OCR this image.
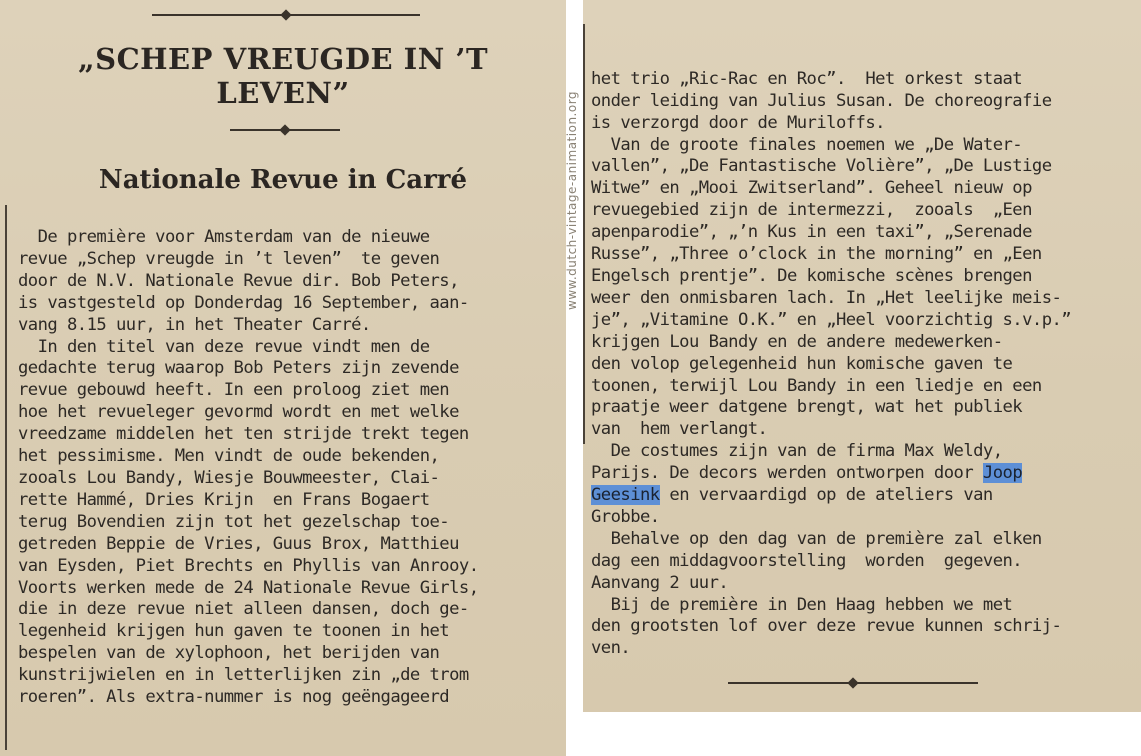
„SCHEP VREUGDE IN ’T LEVEN”
Nationale Revue in Carré
De première voor Amsterdam van de nieuwe
revue „Schep vreugde in ’t leven”  te geven
door de N.V. Nationale Revue dir. Bob Peters,
is vastgesteld op Donderdag 16 September, aan-
vang 8.15 uur, in het Theater Carré.
In den titel van deze revue vindt men de
gedachte terug waarop Bob Peters zijn zevende
revue gebouwd heeft. In een proloog ziet men
hoe het revueleger gevormd wordt en met welke
vreedzame middelen het ten strijde trekt tegen
het pessimisme. Men vindt de oude bekenden,
zooals Lou Bandy, Wiesje Bouwmeester, Clai-
rette Hammé, Dries Krijn  en Frans Bogaert
terug Bovendien zijn tot het gezelschap toe-
getreden Beppie de Vries, Guus Brox, Matthieu
van Eysden, Piet Brechts en Phyllis van Anrooy.
Voorts werken mede de 24 Nationale Revue Girls,
die in deze revue niet alleen dansen, doch ge-
legenheid krijgen hun gaven te toonen in het
bespelen van de xylophoon, het berijden van
kunstrijwielen en in letterlijken zin „de trom
roeren”. Als extra-nummer is nog geëngageerd
www.dutch-vintage-animation.org

het trio „Ric-Rac en Roc”.  Het orkest staat
onder leiding van Julius Susan. De choreografie
is verzorgd door de Muriloffs.
Van de groote finales noemen we „De Water-
vallen”, „De Fantastische Volière”, „De Lustige
Witwe” en „Mooi Zwitserland”. Geheel nieuw op
revuegebied zijn de intermezzi,  zooals  „Een
apenparodie”, „’n Kus in een taxi”, „Serenade
Russe”, „Three o’clock in the morning” en „Een
Engelsch prentje”. De komische scènes brengen
weer den onmisbaren lach. In „Het leelijke meis-
je”, „Vitamine O.K.” en „Heel voorzichtig s.v.p.”
krijgen Lou Bandy en de andere medewerken-
den volop gelegenheid hun komische gaven te
toonen, terwijl Lou Bandy in een liedje en een
praatje weer datgene brengt, wat het publiek
van  hem verlangt.
De costumes zijn van de firma Max Weldy,
Parijs. De decors werden ontworpen door Joop
Geesink en vervaardigd op de ateliers van
Grobbe.
Behalve op den dag van de première zal elken
dag een middagvoorstelling  worden  gegeven.
Aanvang 2 uur.
Bij de première in Den Haag hebben we met
den grootsten lof over deze revue kunnen schrij-
ven.
